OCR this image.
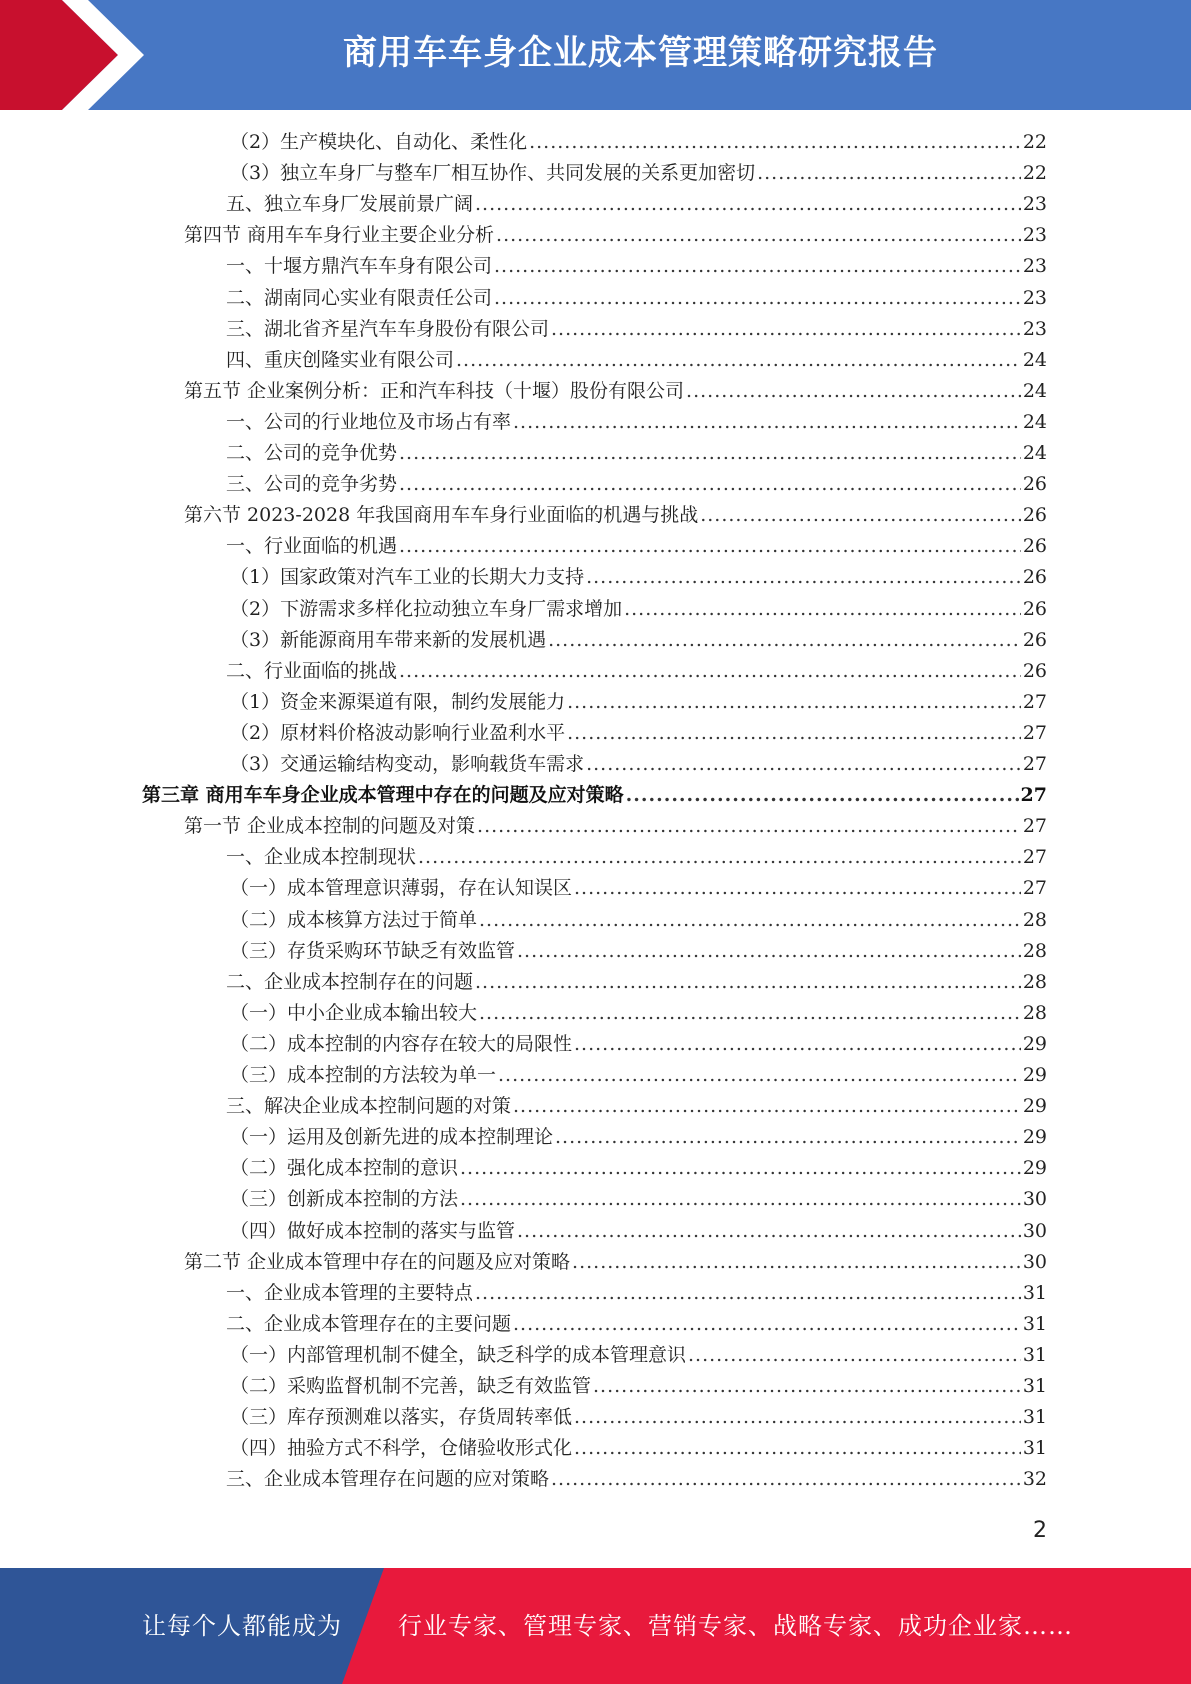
商用车车身企业成本管理策略研究报告
（2）生产模块化、自动化、柔性化 .....	22
（3）独立车身厂与整车厂相互协作、共同发展的关系更加密切 .....	22
五、独立车身厂发展前景广阔 .....	23
第四节 商用车车身行业主要企业分析 .....	23
一、十堰方鼎汽车车身有限公司 .....	23
二、湖南同心实业有限责任公司 .....	23
三、湖北省齐星汽车车身股份有限公司 .....	23
四、重庆创隆实业有限公司 .....	24
第五节 企业案例分析：正和汽车科技（十堰）股份有限公司 .....	24
一、公司的行业地位及市场占有率 .....	24
二、公司的竞争优势 .....	24
三、公司的竞争劣势 .....	26
第六节 2023-2028 年我国商用车车身行业面临的机遇与挑战 .....	26
一、行业面临的机遇 .....	26
（1）国家政策对汽车工业的长期大力支持 .....	26
（2）下游需求多样化拉动独立车身厂需求增加 .....	26
（3）新能源商用车带来新的发展机遇 .....	26
二、行业面临的挑战 .....	26
（1）资金来源渠道有限，制约发展能力 .....	27
（2）原材料价格波动影响行业盈利水平 .....	27
（3）交通运输结构变动，影响载货车需求 .....	27
第三章 商用车车身企业成本管理中存在的问题及应对策略 .....	27
第一节 企业成本控制的问题及对策 .....	27
一、企业成本控制现状 .....	27
（一）成本管理意识薄弱，存在认知误区 .....	27
（二）成本核算方法过于简单 .....	28
（三）存货采购环节缺乏有效监管 .....	28
二、企业成本控制存在的问题 .....	28
（一）中小企业成本输出较大 .....	28
（二）成本控制的内容存在较大的局限性 .....	29
（三）成本控制的方法较为单一 .....	29
三、解决企业成本控制问题的对策 .....	29
（一）运用及创新先进的成本控制理论 .....	29
（二）强化成本控制的意识 .....	29
（三）创新成本控制的方法 .....	30
（四）做好成本控制的落实与监管 .....	30
第二节 企业成本管理中存在的问题及应对策略 .....	30
一、企业成本管理的主要特点 .....	31
二、企业成本管理存在的主要问题 .....	31
（一）内部管理机制不健全，缺乏科学的成本管理意识 .....	31
（二）采购监督机制不完善，缺乏有效监管 .....	31
（三）库存预测难以落实，存货周转率低 .....	31
（四）抽验方式不科学，仓储验收形式化 .....	31
三、企业成本管理存在问题的应对策略 .....	32
2
让每个人都能成为 行业专家、管理专家、营销专家、战略专家、成功企业家……
